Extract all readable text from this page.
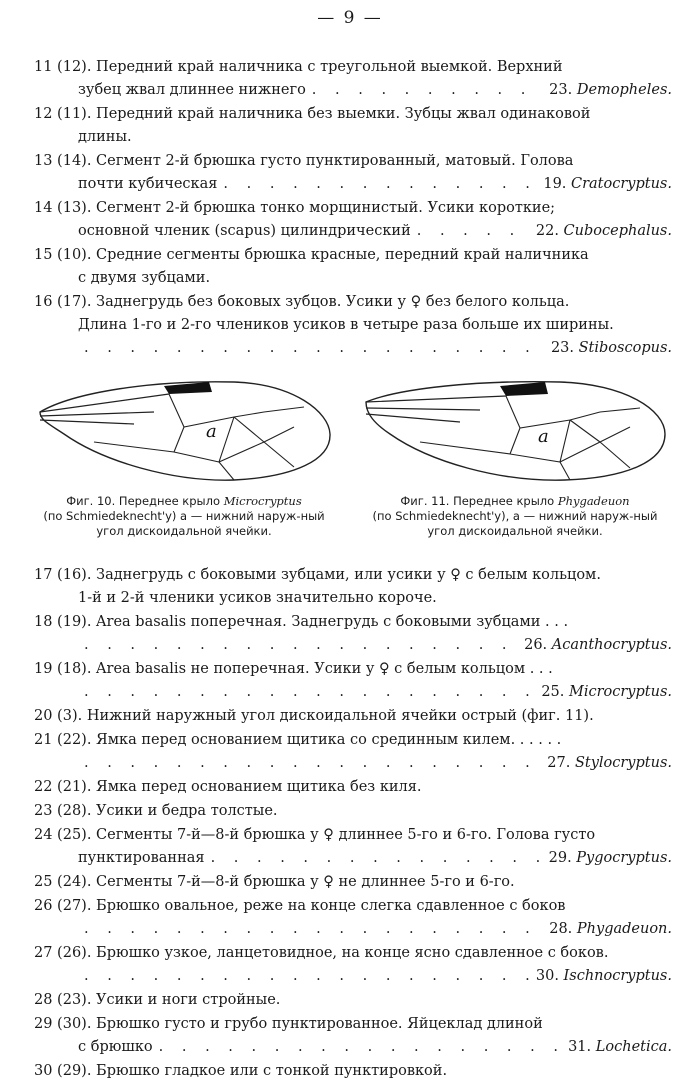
— 9 —
11 (12). Передний край наличника с треугольной выемкой. Верхний
зубец жвал длиннее нижнего . . .	23. Demopheles.
12 (11). Передний край наличника без выемки. Зубцы жвал одинаковой
длины.
13 (14). Сегмент 2-й брюшка густо пунктированный, матовый. Голова
почти кубическая . . .	19. Cratocryptus.
14 (13). Сегмент 2-й брюшка тонко морщинистый. Усики короткие;
основной членик (scapus) цилиндрический . . .	22. Cubocephalus.
15 (10). Средние сегменты брюшка красные, передний край наличника
с двумя зубцами.
16 (17). Заднегрудь без боковых зубцов. Усики у ♀ без белого кольца.
Длина 1-го и 2-го члеников усиков в четыре раза больше их ширины.
. . .
23. Stiboscopus.
a
Фиг. 10. Переднее крыло Microcryptus
(по Schmiedeknecht'y) a — нижний наруж-ный угол дискоидальной ячейки.
a
Фиг. 11. Переднее крыло Phygadeuon
(по Schmiedeknecht'y), a — нижний наруж-ный угол дискоидальной ячейки.
17 (16). Заднегрудь с боковыми зубцами, или усики у ♀ с белым кольцом.
1-й и 2-й членики усиков значительно короче.
18 (19). Area basalis поперечная. Заднегрудь с боковыми зубцами . . .
. . .
26. Acanthocryptus.
19 (18). Area basalis не поперечная. Усики у ♀ с белым кольцом . . .
. . .
25. Microcryptus.
20 (3). Нижний наружный угол дискоидальной ячейки острый (фиг. 11).
21 (22). Ямка перед основанием щитика со срединным килем. . . . . .
. . .
27. Stylocryptus.
22 (21). Ямка перед основанием щитика без киля.
23 (28). Усики и бедра толстые.
24 (25). Сегменты 7-й—8-й брюшка у ♀ длиннее 5-го и 6-го. Голова густо
пунктированная . . .	29. Pygocryptus.
25 (24). Сегменты 7-й—8-й брюшка у ♀ не длиннее 5-го и 6-го.
26 (27). Брюшко овальное, реже на конце слегка сдавленное с боков
. . .
28. Phygadeuon.
27 (26). Брюшко узкое, ланцетовидное, на конце ясно сдавленное с боков.
. . .
30. Ischnocryptus.
28 (23). Усики и ноги стройные.
29 (30). Брюшко густо и грубо пунктированное. Яйцеклад длиной
с брюшко . . .	31. Lochetica.
30 (29). Брюшко гладкое или с тонкой пунктировкой.
